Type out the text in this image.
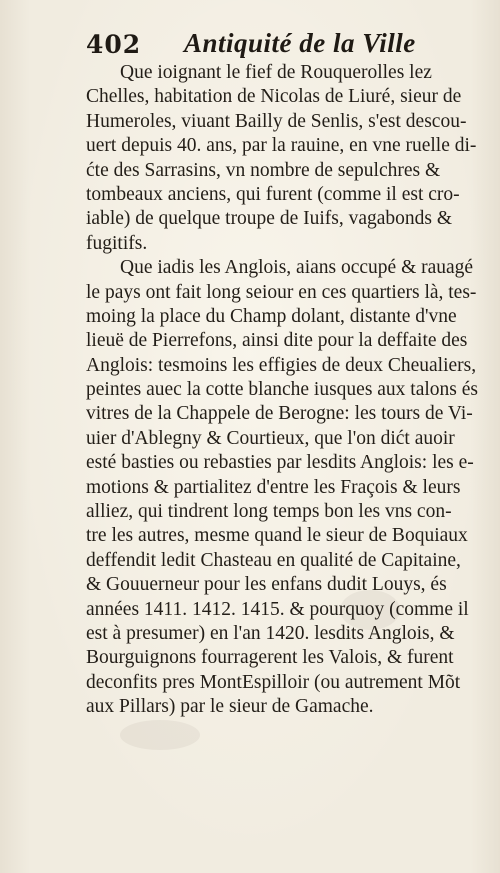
402 Antiquité de la Ville
Que ioignant le fief de Rouquerolles lez
Chelles, habitation de Nicolas de Liuré, sieur de
Humeroles, viuant Bailly de Senlis, s'est descou-
uert depuis 40. ans, par la rauine, en vne ruelle di-
ćte des Sarrasins, vn nombre de sepulchres &
tombeaux anciens, qui furent (comme il est cro-
iable) de quelque troupe de Iuifs, vagabonds &
fugitifs.
Que iadis les Anglois, aians occupé & rauagé
le pays ont fait long seiour en ces quartiers là, tes-
moing la place du Champ dolant, distante d'vne
lieuë de Pierrefons, ainsi dite pour la deffaite des
Anglois: tesmoins les effigies de deux Cheualiers,
peintes auec la cotte blanche iusques aux talons és
vitres de la Chappele de Berogne: les tours de Vi-
uier d'Ablegny & Courtieux, que l'on dićt auoir
esté basties ou rebasties par lesdits Anglois: les e-
motions & partialitez d'entre les Fraçois & leurs
alliez, qui tindrent long temps bon les vns con-
tre les autres, mesme quand le sieur de Boquiaux
deffendit ledit Chasteau en qualité de Capitaine,
& Gouuerneur pour les enfans dudit Louys, és
années 1411. 1412. 1415. & pourquoy (comme il
est à presumer) en l'an 1420. lesdits Anglois, &
Bourguignons fourragerent les Valois, & furent
deconfits pres MontEspilloir (ou autrement Mõt
aux Pillars) par le sieur de Gamache.
